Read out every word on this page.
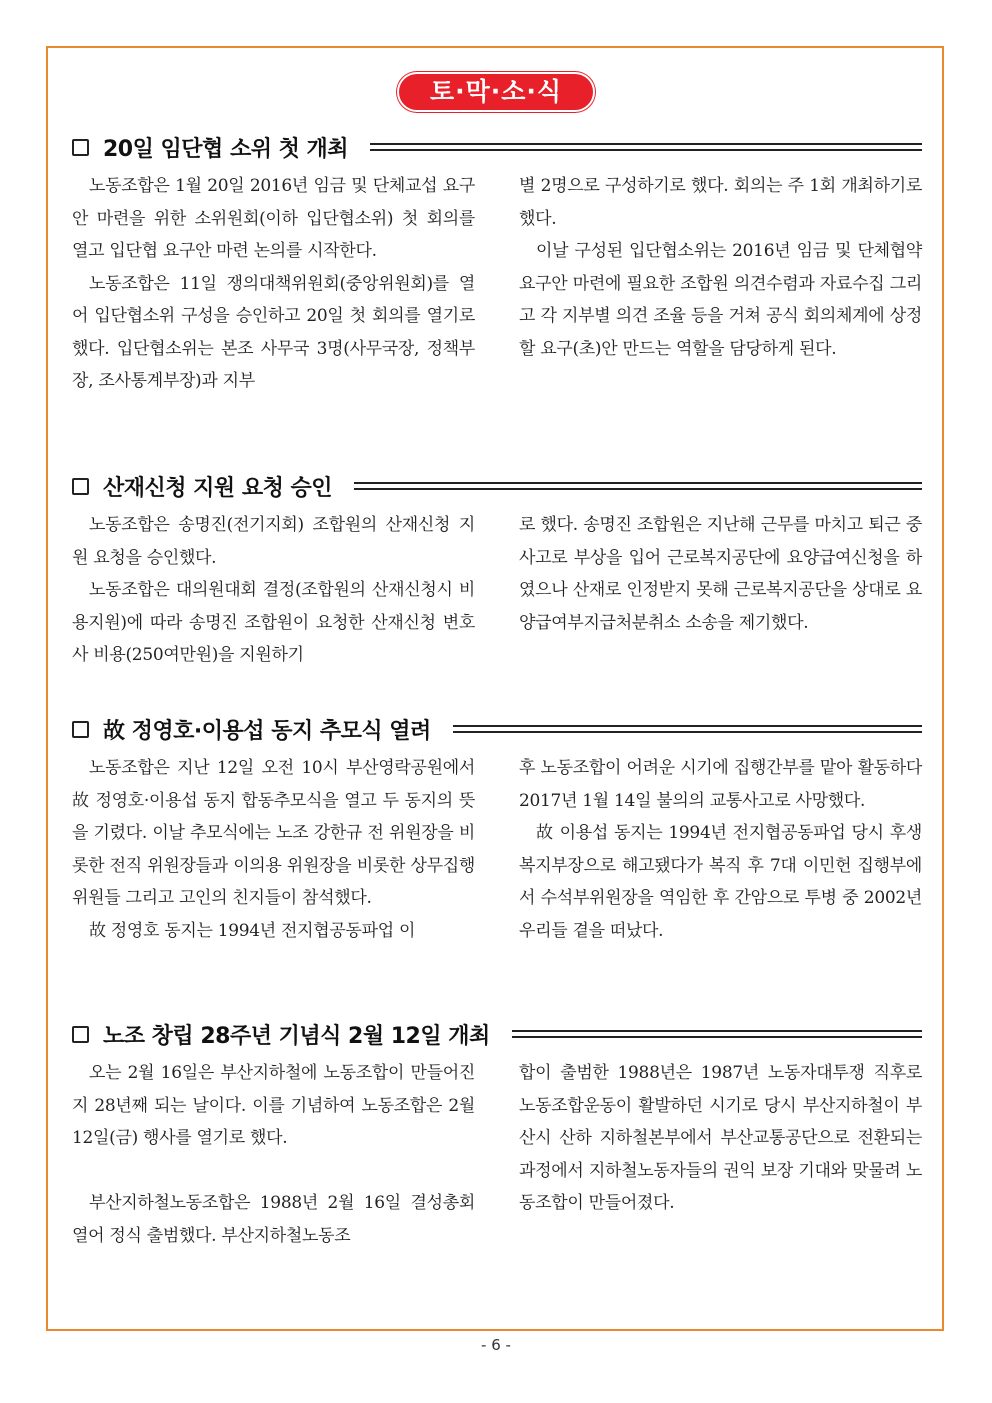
토·막·소·식
20일 임단협 소위 첫 개최

노동조합은 1월 20일 2016년 임금 및 단체교섭 요구안 마련을 위한 소위원회(이하 입단협소위) 첫 회의를 열고 입단협 요구안 마련 논의를 시작한다.

노동조합은 11일 쟁의대책위원회(중앙위원회)를 열어 입단협소위 구성을 승인하고 20일 첫 회의를 열기로 했다. 입단협소위는 본조 사무국 3명(사무국장, 정책부장, 조사통계부장)과 지부

별 2명으로 구성하기로 했다. 회의는 주 1회 개최하기로 했다.

이날 구성된 입단협소위는 2016년 임금 및 단체협약 요구안 마련에 필요한 조합원 의견수렴과 자료수집 그리고 각 지부별 의견 조율 등을 거쳐 공식 회의체계에 상정할 요구(초)안 만드는 역할을 담당하게 된다.

산재신청 지원 요청 승인

노동조합은 송명진(전기지회) 조합원의 산재신청 지원 요청을 승인했다.

노동조합은 대의원대회 결정(조합원의 산재신청시 비용지원)에 따라 송명진 조합원이 요청한 산재신청 변호사 비용(250여만원)을 지원하기

로 했다. 송명진 조합원은 지난해 근무를 마치고 퇴근 중 사고로 부상을 입어 근로복지공단에 요양급여신청을 하였으나 산재로 인정받지 못해 근로복지공단을 상대로 요양급여부지급처분취소 소송을 제기했다.

故 정영호·이용섭 동지 추모식 열려

노동조합은 지난 12일 오전 10시 부산영락공원에서 故 정영호·이용섭 동지 합동추모식을 열고 두 동지의 뜻을 기렸다. 이날 추모식에는 노조 강한규 전 위원장을 비롯한 전직 위원장들과 이의용 위원장을 비롯한 상무집행위원들 그리고 고인의 친지들이 참석했다.

故 정영호 동지는 1994년 전지협공동파업 이

후 노동조합이 어려운 시기에 집행간부를 맡아 활동하다 2017년 1월 14일 불의의 교통사고로 사망했다.

故 이용섭 동지는 1994년 전지협공동파업 당시 후생복지부장으로 해고됐다가 복직 후 7대 이민헌 집행부에서 수석부위원장을 역임한 후 간암으로 투병 중 2002년 우리들 곁을 떠났다.

노조 창립 28주년 기념식 2월 12일 개최

오는 2월 16일은 부산지하철에 노동조합이 만들어진지 28년째 되는 날이다. 이를 기념하여 노동조합은 2월 12일(금) 행사를 열기로 했다.

부산지하철노동조합은 1988년 2월 16일 결성총회 열어 정식 출범했다. 부산지하철노동조

합이 출범한 1988년은 1987년 노동자대투쟁 직후로 노동조합운동이 활발하던 시기로 당시 부산지하철이 부산시 산하 지하철본부에서 부산교통공단으로 전환되는 과정에서 지하철노동자들의 권익 보장 기대와 맞물려 노동조합이 만들어졌다.

- 6 -
